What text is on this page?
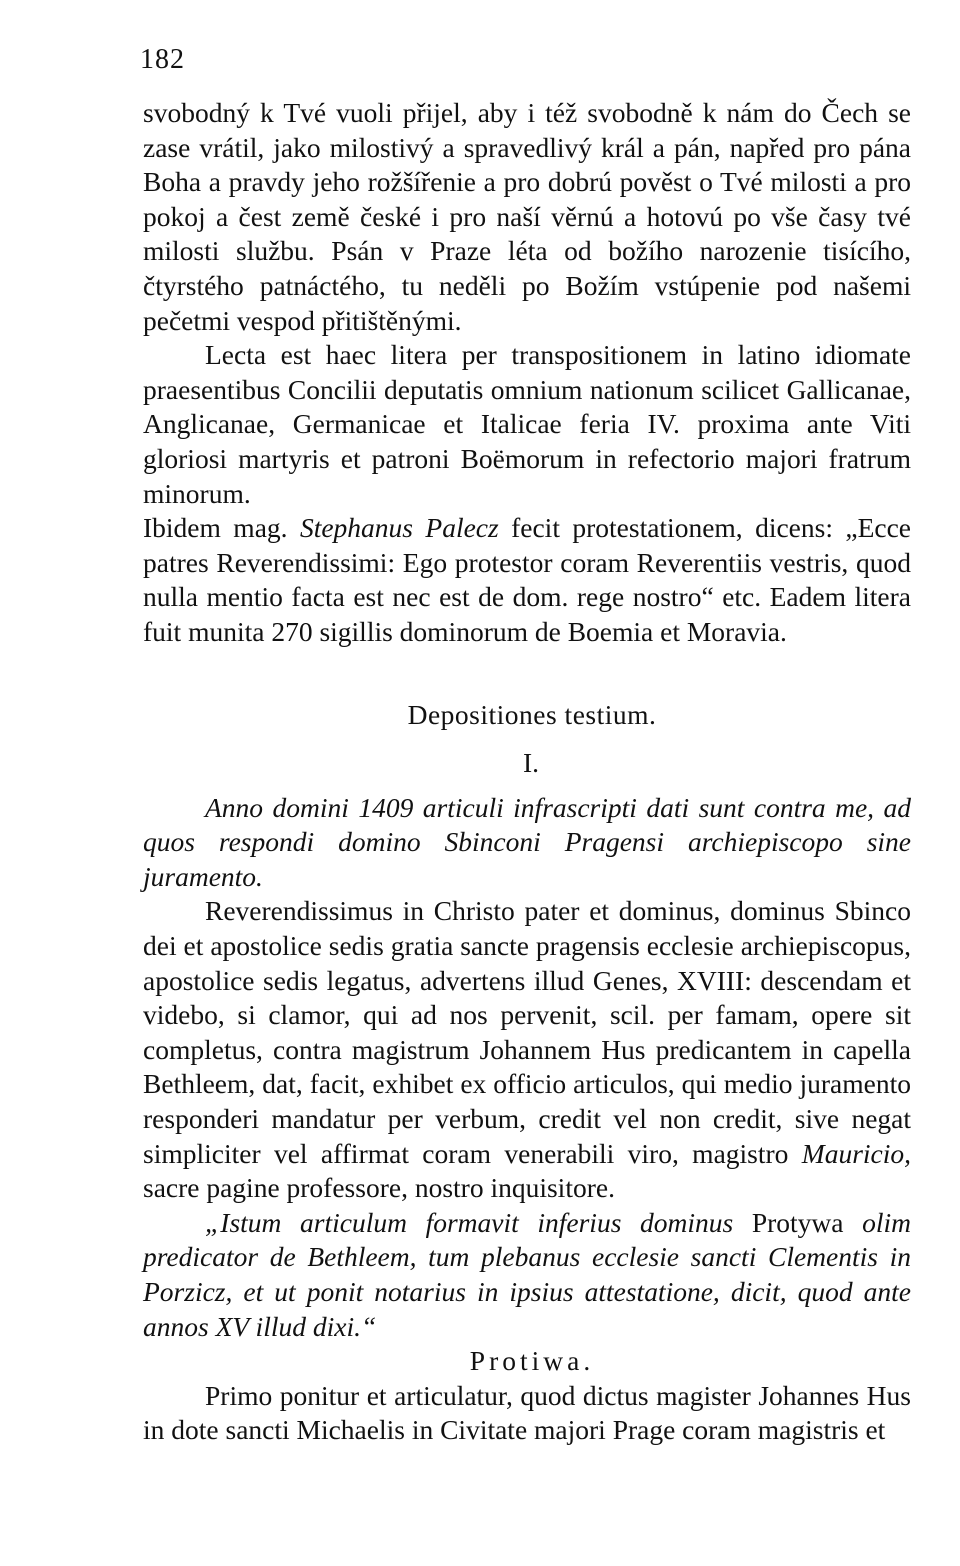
182

svobodný k Tvé vuoli přijel, aby i též svobodně k nám do Čech se zase vrátil, jako milostivý a spravedlivý král a pán, napřed pro pána Boha a pravdy jeho rožšířenie a pro dobrú pověst o Tvé milosti a pro pokoj a čest země české i pro naší věrnú a hotovú po vše časy tvé milosti službu. Psán v Praze léta od božího narozenie tisícího, čtyrstého patnáctého, tu neděli po Božím vstúpenie pod našemi pečetmi vespod přitištěnými.

Lecta est haec litera per transpositionem in latino idiomate praesentibus Concilii deputatis omnium nationum scilicet Gallicanae, Anglicanae, Germanicae et Italicae feria IV. proxima ante Viti gloriosi martyris et patroni Boëmorum in refectorio majori fratrum minorum.

Ibidem mag. Stephanus Palecz fecit protestationem, dicens: „Ecce patres Reverendissimi: Ego protestor coram Reverentiis vestris, quod nulla mentio facta est nec est de dom. rege nostro“ etc. Eadem litera fuit munita 270 sigillis dominorum de Boemia et Moravia.

Depositiones testium.

I.

Anno domini 1409 articuli infrascripti dati sunt contra me, ad quos respondi domino Sbinconi Pragensi archiepiscopo sine juramento.

Reverendissimus in Christo pater et dominus, dominus Sbinco dei et apostolice sedis gratia sancte pragensis ecclesie archiepiscopus, apostolice sedis legatus, advertens illud Genes, XVIII: descendam et videbo, si clamor, qui ad nos pervenit, scil. per famam, opere sit completus, contra magistrum Johannem Hus predicantem in capella Bethleem, dat, facit, exhibet ex officio articulos, qui medio juramento responderi mandatur per verbum, credit vel non credit, sive negat simpliciter vel affirmat coram venerabili viro, magistro Mauricio, sacre pagine professore, nostro inquisitore.

„Istum articulum formavit inferius dominus Protywa olim predicator de Bethleem, tum plebanus ecclesie sancti Clementis in Porzicz, et ut ponit notarius in ipsius attestatione, dicit, quod ante annos XV illud dixi.“

Protiwa.

Primo ponitur et articulatur, quod dictus magister Johannes Hus in dote sancti Michaelis in Civitate majori Prage coram magistris et
